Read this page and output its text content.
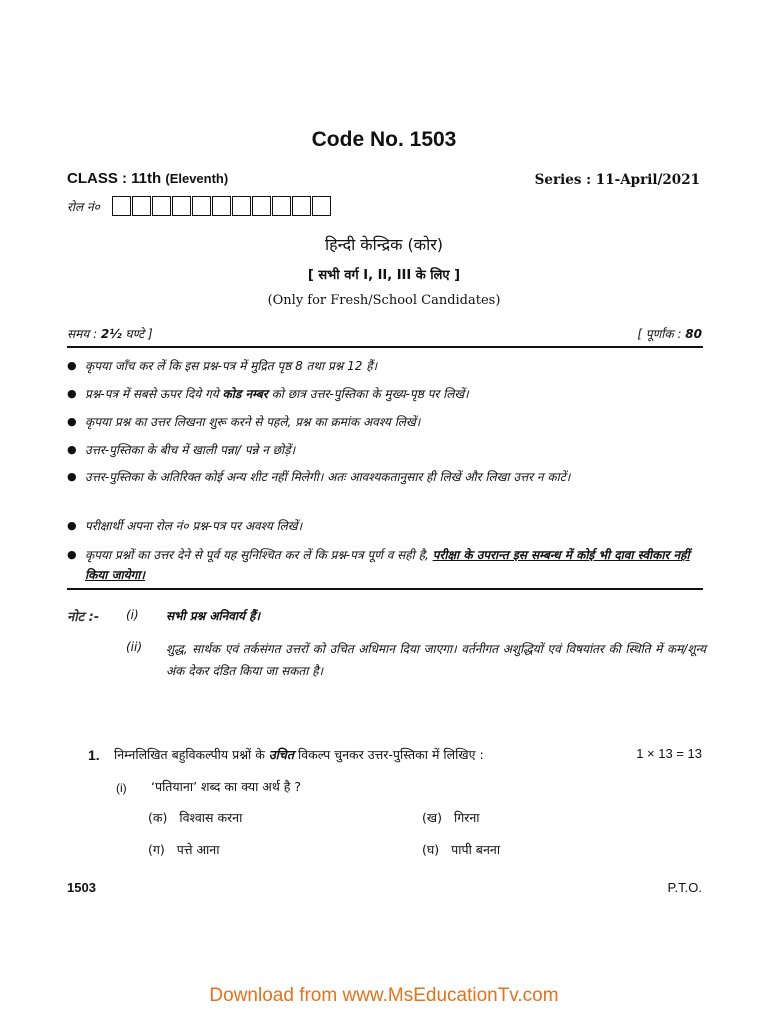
Code No. 1503
CLASS : 11th (Eleventh)	Series : 11-April/2021
रोल नं०
हिन्दी केन्द्रिक (कोर)
[ सभी वर्ग I, II, III के लिए ]
(Only for Fresh/School Candidates)
समय : 2½ घण्टे ]	[ पूर्णांक : 80
● कृपया जाँच कर लें कि इस प्रश्न-पत्र में मुद्रित पृष्ठ 8 तथा प्रश्न 12 हैं।
● प्रश्न-पत्र में सबसे ऊपर दिये गये कोड नम्बर को छात्र उत्तर-पुस्तिका के मुख्य-पृष्ठ पर लिखें।
● कृपया प्रश्न का उत्तर लिखना शुरू करने से पहले, प्रश्न का क्रमांक अवश्य लिखें।
● उत्तर-पुस्तिका के बीच में खाली पन्ना/ पन्ने न छोड़ें।
● उत्तर-पुस्तिका के अतिरिक्त कोई अन्य शीट नहीं मिलेगी। अतः आवश्यकतानुसार ही लिखें और लिखा उत्तर न काटें।
● परीक्षार्थी अपना रोल नं० प्रश्न-पत्र पर अवश्य लिखें।
● कृपया प्रश्नों का उत्तर देने से पूर्व यह सुनिश्चित कर लें कि प्रश्न-पत्र पूर्ण व सही है, परीक्षा के उपरान्त इस सम्बन्ध में कोई भी दावा स्वीकार नहीं किया जायेगा।
नोट :- (i) सभी प्रश्न अनिवार्य हैं।
(ii) शुद्ध, सार्थक एवं तर्कसंगत उत्तरों को उचित अधिमान दिया जाएगा। वर्तनीगत अशुद्धियों एवं विषयांतर की स्थिति में कम/शून्य अंक देकर दंडित किया जा सकता है।
1. निम्नलिखित बहुविकल्पीय प्रश्नों के उचित विकल्प चुनकर उत्तर-पुस्तिका में लिखिए :	1 × 13 = 13
(i) ‘पतियाना’ शब्द का क्या अर्थ है ?
(क) विश्वास करना	(ख) गिरना
(ग) पत्ते आना	(घ) पापी बनना
1503	P.T.O.
Download from www.MsEducationTv.com
